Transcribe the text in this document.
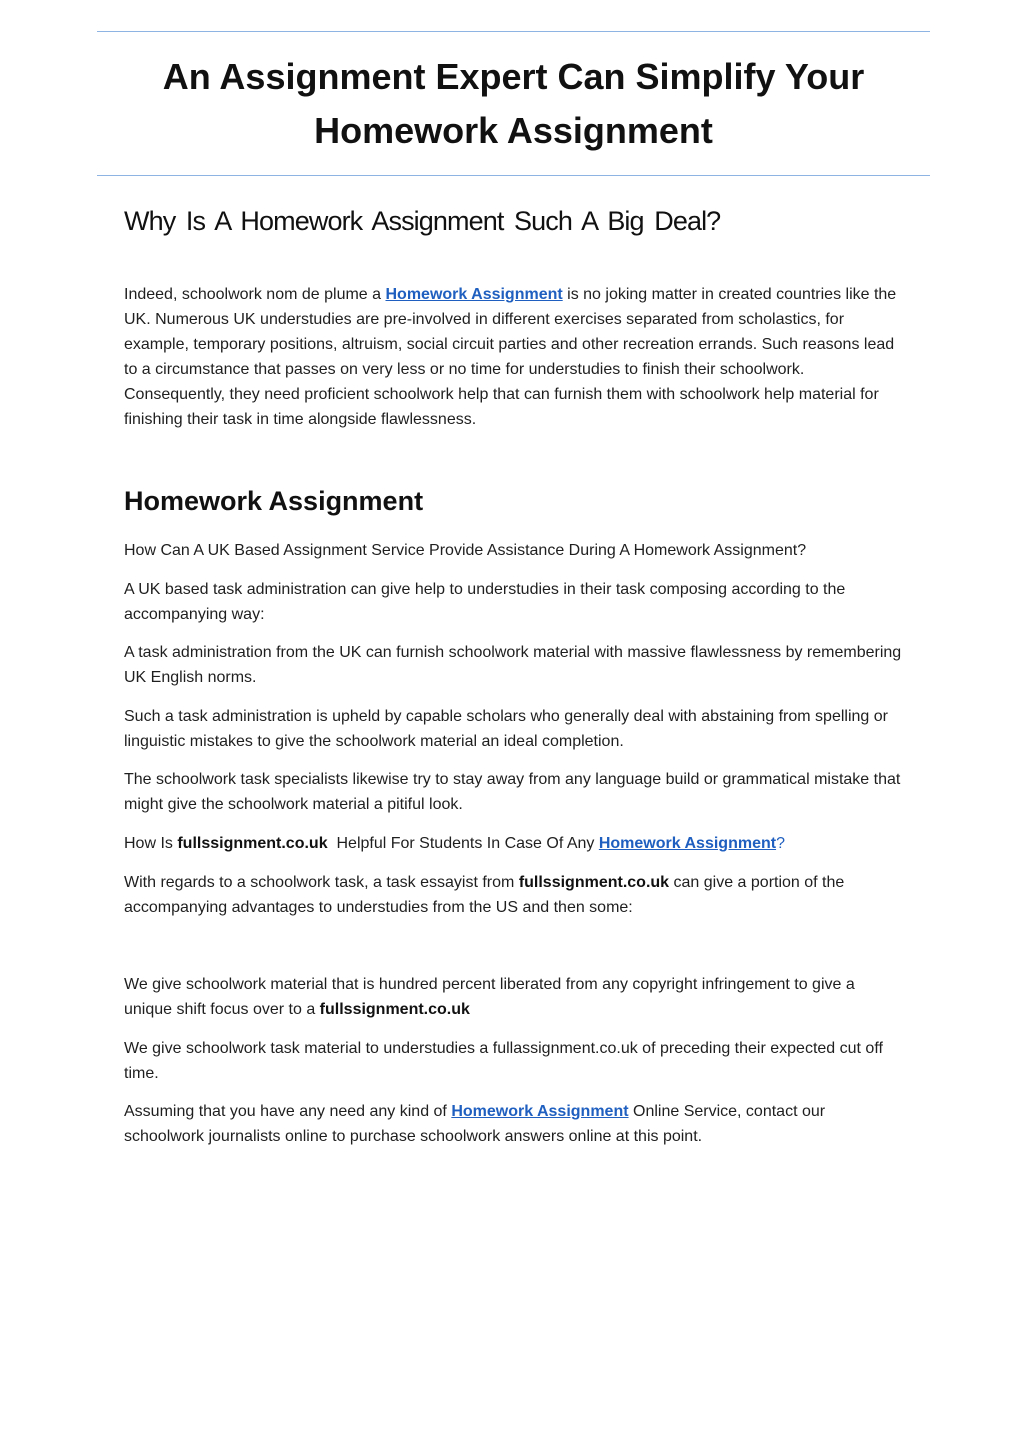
An Assignment Expert Can Simplify Your
Homework Assignment
Why Is A Homework Assignment Such A Big Deal?

Indeed, schoolwork nom de plume a Homework Assignment is no joking matter in created countries like the UK. Numerous UK understudies are pre-involved in different exercises separated from scholastics, for example, temporary positions, altruism, social circuit parties and other recreation errands. Such reasons lead to a circumstance that passes on very less or no time for understudies to finish their schoolwork. Consequently, they need proficient schoolwork help that can furnish them with schoolwork help material for finishing their task in time alongside flawlessness.

Homework Assignment

How Can A UK Based Assignment Service Provide Assistance During A Homework Assignment?

A UK based task administration can give help to understudies in their task composing according to the accompanying way:

A task administration from the UK can furnish schoolwork material with massive flawlessness by remembering UK English norms.

Such a task administration is upheld by capable scholars who generally deal with abstaining from spelling or linguistic mistakes to give the schoolwork material an ideal completion.

The schoolwork task specialists likewise try to stay away from any language build or grammatical mistake that might give the schoolwork material a pitiful look.

How Is fullssignment.co.uk  Helpful For Students In Case Of Any Homework Assignment?

With regards to a schoolwork task, a task essayist from fullssignment.co.uk can give a portion of the accompanying advantages to understudies from the US and then some:

We give schoolwork material that is hundred percent liberated from any copyright infringement to give a unique shift focus over to a fullssignment.co.uk

We give schoolwork task material to understudies a fullassignment.co.uk of preceding their expected cut off time.

Assuming that you have any need any kind of Homework Assignment Online Service, contact our schoolwork journalists online to purchase schoolwork answers online at this point.
